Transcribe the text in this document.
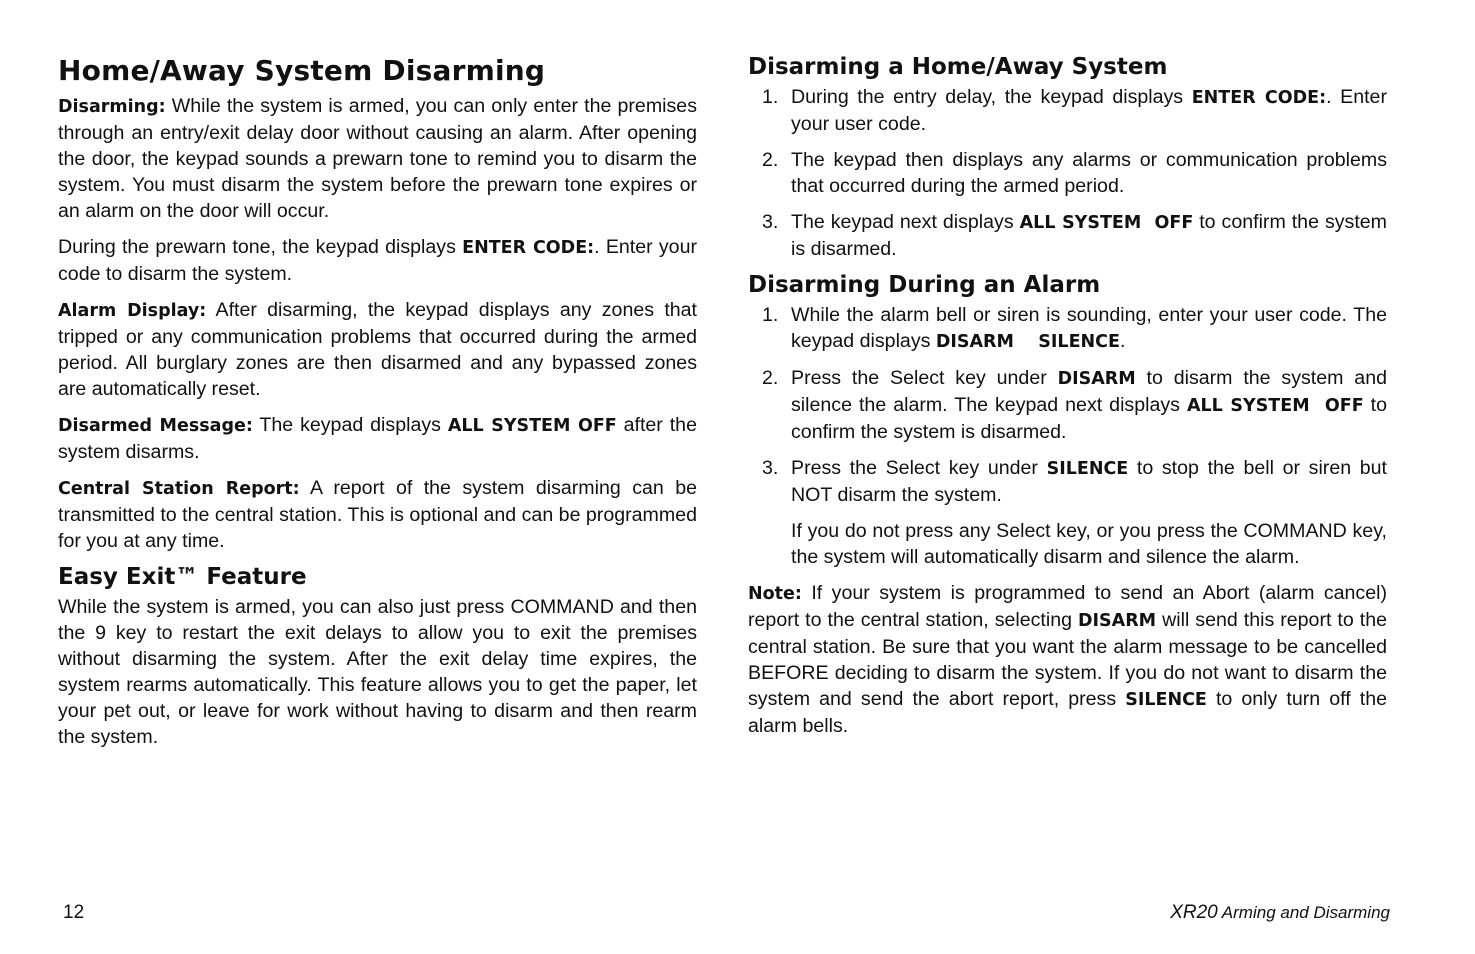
Home/Away System Disarming

Disarming: While the system is armed, you can only enter the premises through an entry/exit delay door without causing an alarm. After opening the door, the keypad sounds a prewarn tone to remind you to disarm the system. You must disarm the system before the prewarn tone expires or an alarm on the door will occur.

During the prewarn tone, the keypad displays ENTER CODE:. Enter your code to disarm the system.

Alarm Display: After disarming, the keypad displays any zones that tripped or any communication problems that occurred during the armed period. All burglary zones are then disarmed and any bypassed zones are automatically reset.

Disarmed Message: The keypad displays ALL SYSTEM OFF after the system disarms.

Central Station Report: A report of the system disarming can be transmitted to the central station. This is optional and can be programmed for you at any time.

Easy Exit™ Feature

While the system is armed, you can also just press COMMAND and then the 9 key to restart the exit delays to allow you to exit the premises without disarming the system. After the exit delay time expires, the system rearms automatically. This feature allows you to get the paper, let your pet out, or leave for work without having to disarm and then rearm the system.

Disarming a Home/Away System
1. During the entry delay, the keypad displays ENTER CODE:. Enter your user code.

2. The keypad then displays any alarms or communication problems that occurred during the armed period.

3. The keypad next displays ALL SYSTEM  OFF to confirm the system is disarmed.

Disarming During an Alarm
1. While the alarm bell or siren is sounding, enter your user code. The keypad displays DISARM    SILENCE.

2. Press the Select key under DISARM to disarm the system and silence the alarm. The keypad next displays ALL SYSTEM  OFF to confirm the system is disarmed.

3. Press the Select key under SILENCE to stop the bell or siren but NOT disarm the system.

If you do not press any Select key, or you press the COMMAND key, the system will automatically disarm and silence the alarm.

Note: If your system is programmed to send an Abort (alarm cancel) report to the central station, selecting DISARM will send this report to the central station. Be sure that you want the alarm message to be cancelled BEFORE deciding to disarm the system. If you do not want to disarm the system and send the abort report, press SILENCE to only turn off the alarm bells.

12	XR20 Arming and Disarming
